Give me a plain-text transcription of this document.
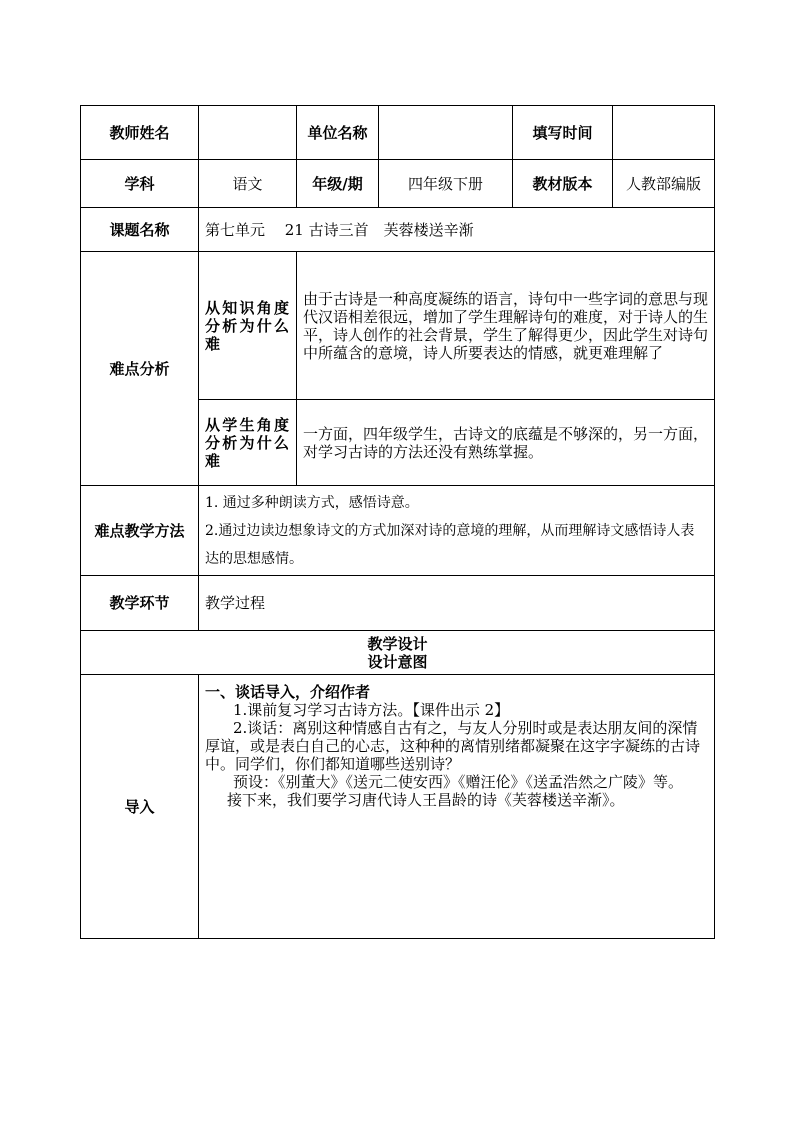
教师姓名		单位名称		填写时间	
学科	语文	年级/期	四年级下册	教材版本	人教部编版
课题名称	第七单元　 21 古诗三首　芙蓉楼送辛渐				
难点分析	从知识角度分析为什么难	由于古诗是一种高度凝练的语言，诗句中一些字词的意思与现代汉语相差很远，增加了学生理解诗句的难度，对于诗人的生平，诗人创作的社会背景，学生了解得更少，因此学生对诗句中所蕴含的意境，诗人所要表达的情感，就更难理解了			

	从学生角度分析为什么难	一方面，四年级学生，古诗文的底蕴是不够深的，另一方面，对学习古诗的方法还没有熟练掌握。			

难点教学方法	1. 通过多种朗读方式，感悟诗意。

2.通过边读边想象诗文的方式加深对诗的意境的理解，从而理解诗文感悟诗人表达的思想感情。				

教学环节	教学过程				

教学设计
设计意图					

导入	一、谈话导入，介绍作者

1.课前复习学习古诗方法。【课件出示 2】

2.谈话：离别这种情感自古有之，与友人分别时或是表达朋友间的深情厚谊，或是表白自己的心志，这种种的离情别绪都凝聚在这字字凝练的古诗中。同学们，你们都知道哪些送别诗？

预设：《别董大》《送元二使安西》《赠汪伦》《送孟浩然之广陵》等。

接下来，我们要学习唐代诗人王昌龄的诗《芙蓉楼送辛渐》。				
